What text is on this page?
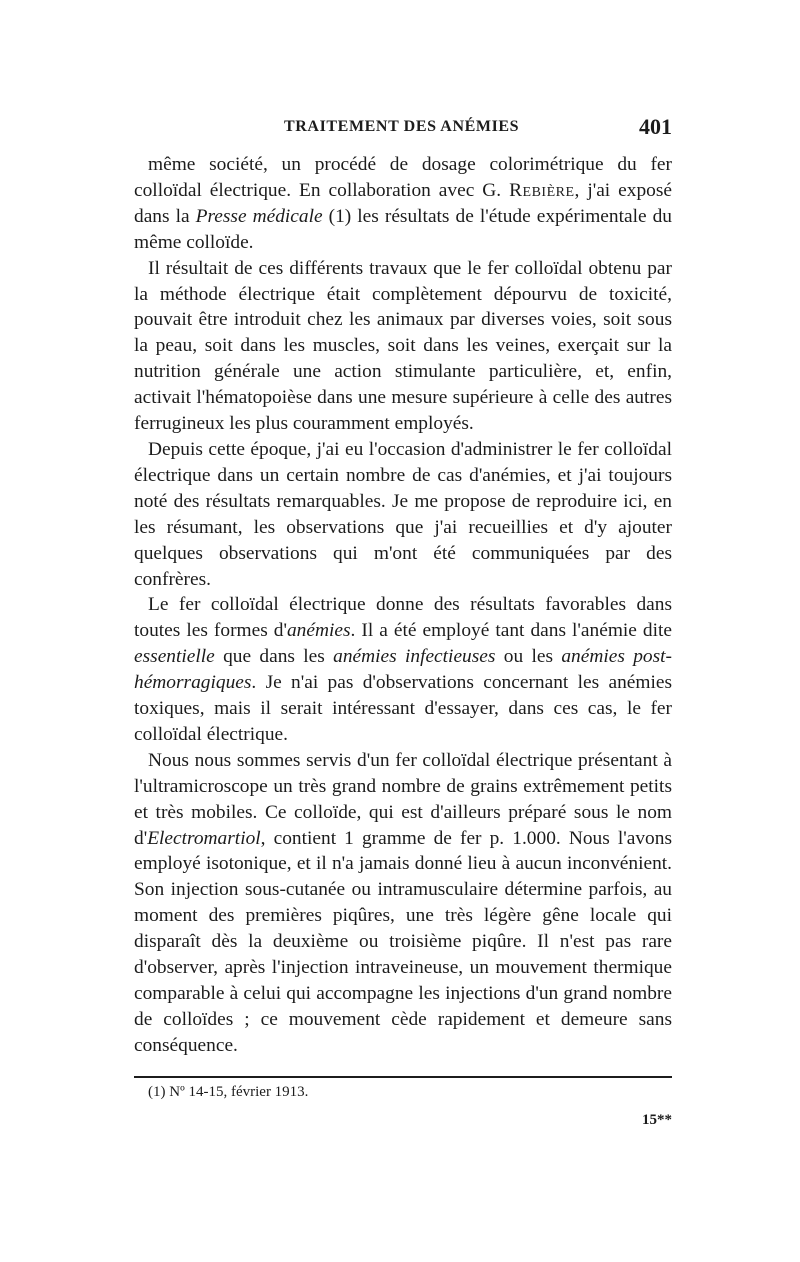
TRAITEMENT DES ANÉMIES	401

même société, un procédé de dosage colorimétrique du fer colloïdal électrique. En collaboration avec G. Rebière, j'ai exposé dans la Presse médicale (1) les résultats de l'étude expérimentale du même colloïde.

Il résultait de ces différents travaux que le fer colloïdal obtenu par la méthode électrique était complètement dépourvu de toxicité, pouvait être introduit chez les animaux par diverses voies, soit sous la peau, soit dans les muscles, soit dans les veines, exerçait sur la nutrition générale une action stimulante particulière, et, enfin, activait l'hématopoièse dans une mesure supérieure à celle des autres ferrugineux les plus couramment employés.

Depuis cette époque, j'ai eu l'occasion d'administrer le fer colloïdal électrique dans un certain nombre de cas d'anémies, et j'ai toujours noté des résultats remarquables. Je me propose de reproduire ici, en les résumant, les observations que j'ai recueillies et d'y ajouter quelques observations qui m'ont été communiquées par des confrères.

Le fer colloïdal électrique donne des résultats favorables dans toutes les formes d'anémies. Il a été employé tant dans l'anémie dite essentielle que dans les anémies infectieuses ou les anémies post-hémorragiques. Je n'ai pas d'observations concernant les anémies toxiques, mais il serait intéressant d'essayer, dans ces cas, le fer colloïdal électrique.

Nous nous sommes servis d'un fer colloïdal électrique présentant à l'ultramicroscope un très grand nombre de grains extrêmement petits et très mobiles. Ce colloïde, qui est d'ailleurs préparé sous le nom d'Electromartiol, contient 1 gramme de fer p. 1.000. Nous l'avons employé isotonique, et il n'a jamais donné lieu à aucun inconvénient. Son injection sous-cutanée ou intramusculaire détermine parfois, au moment des premières piqûres, une très légère gêne locale qui disparaît dès la deuxième ou troisième piqûre. Il n'est pas rare d'observer, après l'injection intraveineuse, un mouvement thermique comparable à celui qui accompagne les injections d'un grand nombre de colloïdes ; ce mouvement cède rapidement et demeure sans conséquence.

(1) Nº 14-15, février 1913.
15**
